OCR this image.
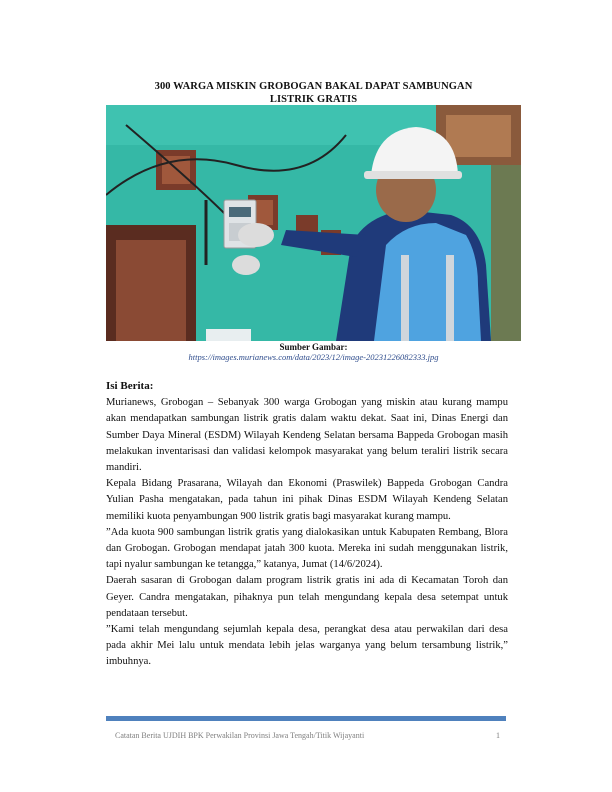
300 WARGA MISKIN GROBOGAN BAKAL DAPAT SAMBUNGAN
LISTRIK GRATIS
Sumber Gambar:
https://images.murianews.com/data/2023/12/image-20231226082333.jpg

Isi Berita:

Murianews, Grobogan – Sebanyak 300 warga Grobogan yang miskin atau kurang mampu akan mendapatkan sambungan listrik gratis dalam waktu dekat. Saat ini, Dinas Energi dan Sumber Daya Mineral (ESDM) Wilayah Kendeng Selatan bersama Bappeda Grobogan masih melakukan inventarisasi dan validasi kelompok masyarakat yang belum teraliri listrik secara mandiri.

Kepala Bidang Prasarana, Wilayah dan Ekonomi (Praswilek) Bappeda Grobogan Candra Yulian Pasha mengatakan, pada tahun ini pihak Dinas ESDM Wilayah Kendeng Selatan memiliki kuota penyambungan 900 listrik gratis bagi masyarakat kurang mampu.

”Ada kuota 900 sambungan listrik gratis yang dialokasikan untuk Kabupaten Rembang, Blora dan Grobogan. Grobogan mendapat jatah 300 kuota. Mereka ini sudah menggunakan listrik, tapi nyalur sambungan ke tetangga,” katanya, Jumat (14/6/2024).

Daerah sasaran di Grobogan dalam program listrik gratis ini ada di Kecamatan Toroh dan Geyer. Candra mengatakan, pihaknya pun telah mengundang kepala desa setempat untuk pendataan tersebut.

”Kami telah mengundang sejumlah kepala desa, perangkat desa atau perwakilan dari desa pada akhir Mei lalu untuk mendata lebih jelas warganya yang belum tersambung listrik,” imbuhnya.

Catatan Berita UJDIH BPK Perwakilan Provinsi Jawa Tengah/Titik Wijayanti	1
